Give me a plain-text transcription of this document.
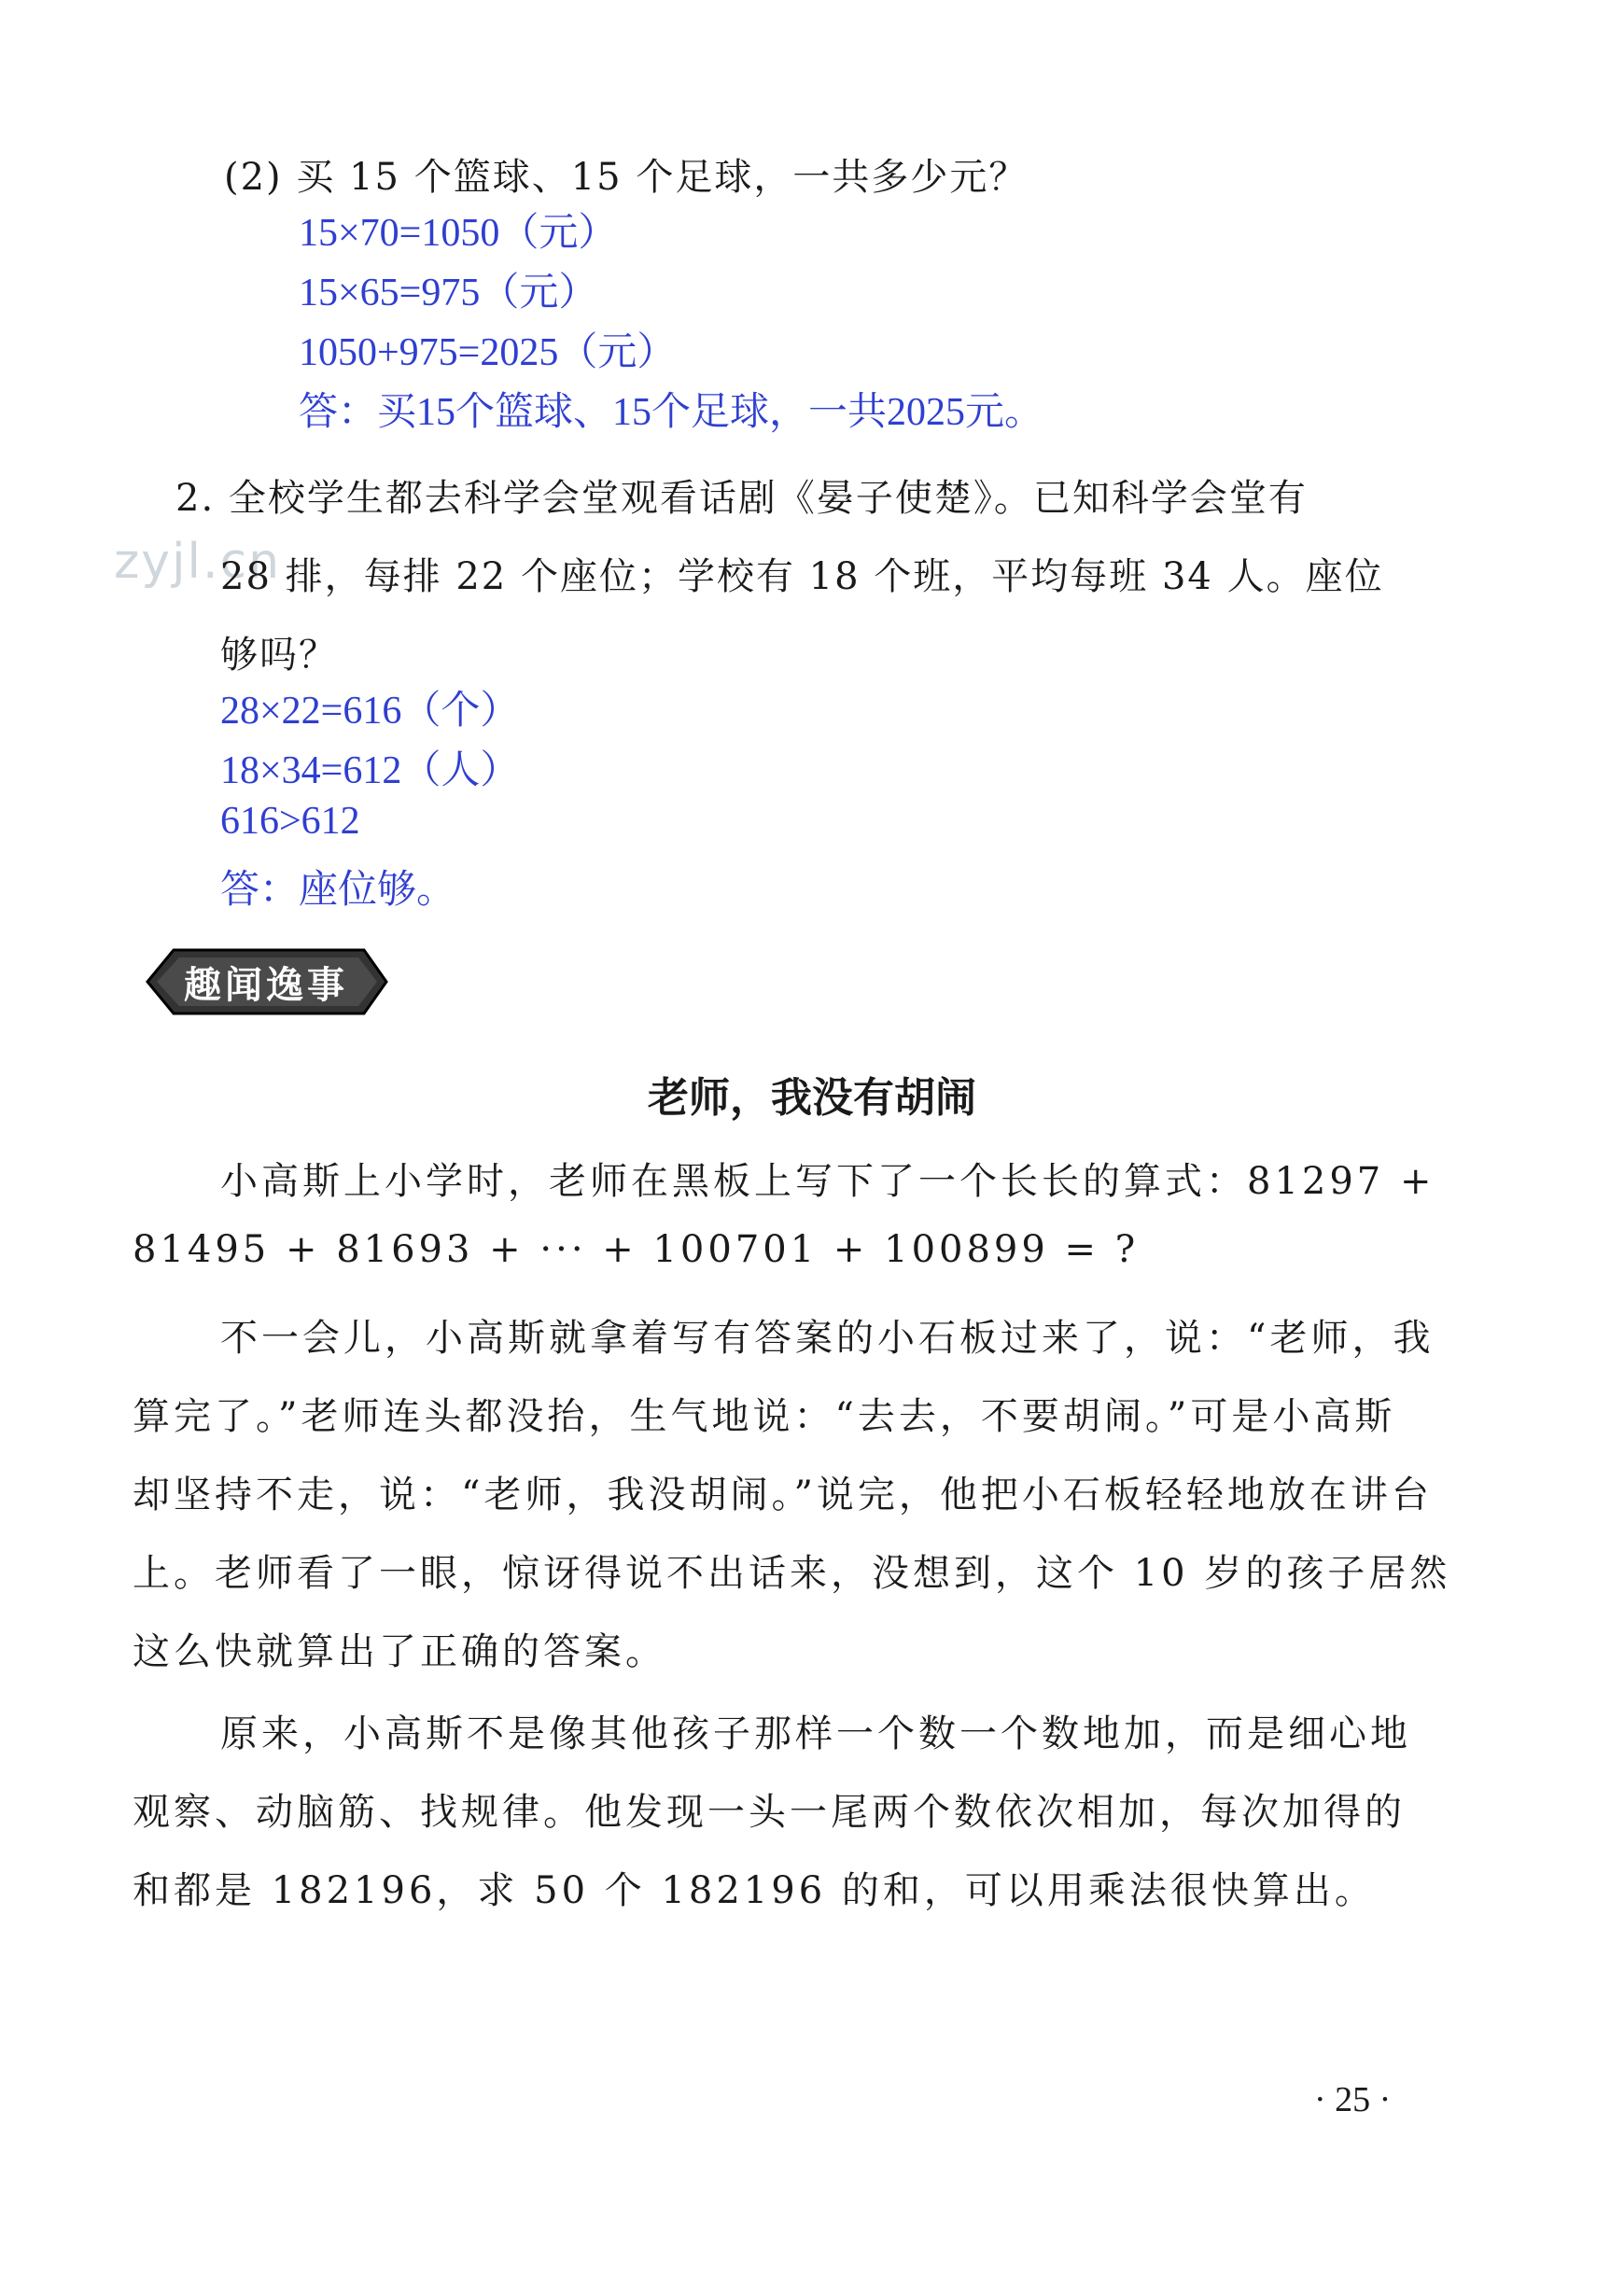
(2) 买 15 个篮球、15 个足球，一共多少元？
15×70=1050（元）
15×65=975（元）
1050+975=2025（元）
答：买15个篮球、15个足球，一共2025元。
2. 全校学生都去科学会堂观看话剧《晏子使楚》。已知科学会堂有
zyjl.cn
28 排，每排 22 个座位；学校有 18 个班，平均每班 34 人。座位
够吗？
28×22=616（个）
18×34=612（人）
616>612
答：座位够。
趣闻逸事
老师，我没有胡闹
小高斯上小学时，老师在黑板上写下了一个长长的算式：81297 +
81495 + 81693 + ··· + 100701 + 100899 = ?
不一会儿，小高斯就拿着写有答案的小石板过来了，说：“老师，我
算完了。”老师连头都没抬，生气地说：“去去，不要胡闹。”可是小高斯
却坚持不走，说：“老师，我没胡闹。”说完，他把小石板轻轻地放在讲台
上。老师看了一眼，惊讶得说不出话来，没想到，这个 10 岁的孩子居然
这么快就算出了正确的答案。
原来，小高斯不是像其他孩子那样一个数一个数地加，而是细心地
观察、动脑筋、找规律。他发现一头一尾两个数依次相加，每次加得的
和都是 182196，求 50 个 182196 的和，可以用乘法很快算出。
· 25 ·
